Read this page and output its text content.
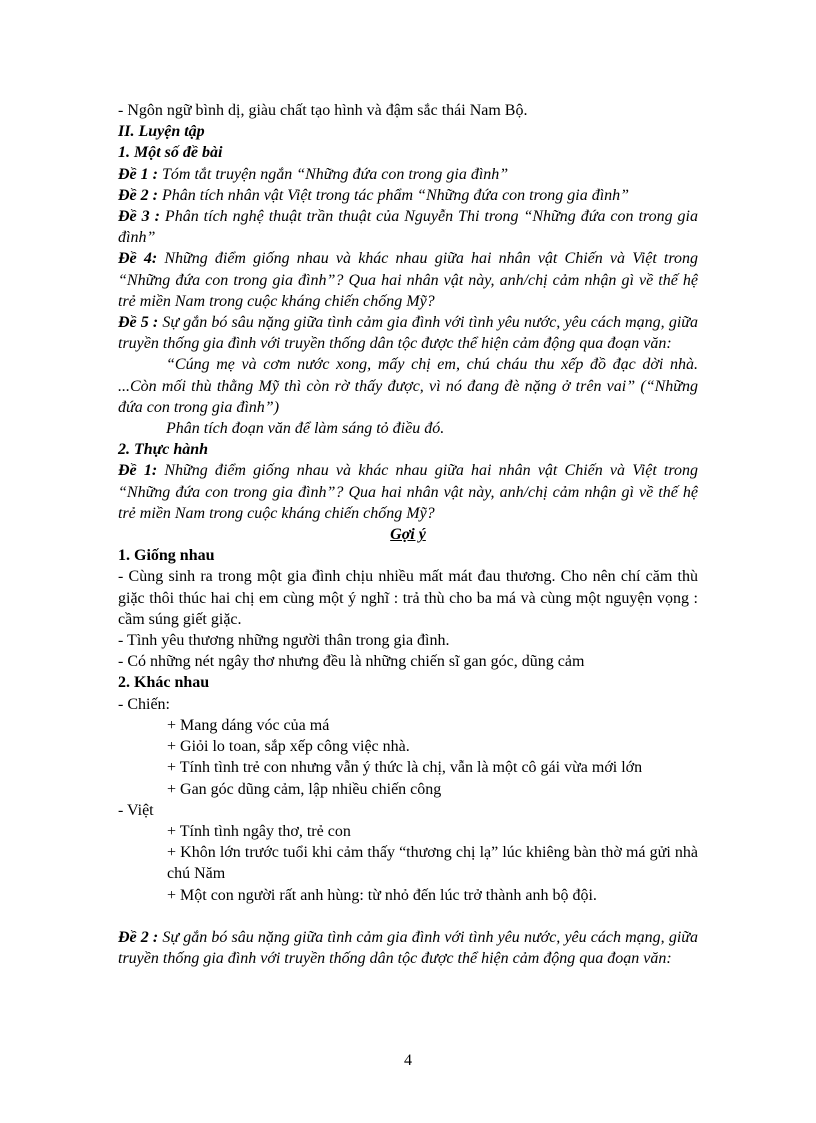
- Ngôn ngữ bình dị, giàu chất tạo hình và đậm sắc thái Nam Bộ.
II. Luyện tập
1. Một số đề bài
Đề 1 : Tóm tắt truyện ngắn “Những đứa con trong gia đình”
Đề 2 : Phân tích nhân vật Việt trong tác phẩm “Những đứa con trong gia đình”
Đề 3 : Phân tích nghệ thuật trần thuật của Nguyễn Thi trong “Những đứa con trong gia đình”
Đề 4: Những điểm giống nhau và khác nhau giữa hai nhân vật Chiến và Việt trong “Những đứa con trong gia đình”? Qua hai nhân vật này, anh/chị cảm nhận gì về thế hệ trẻ miền Nam trong cuộc kháng chiến chống Mỹ?
Đề 5 : Sự gắn bó sâu nặng giữa tình cảm gia đình với tình yêu nước, yêu cách mạng, giữa truyền thống gia đình với truyền thống dân tộc được thể hiện cảm động qua đoạn văn:
“Cúng mẹ và cơm nước xong, mấy chị em, chú cháu thu xếp đồ đạc dời nhà. ...Còn mối thù thằng Mỹ thì còn rờ thấy được, vì nó đang đè nặng ở trên vai” (“Những đứa con trong gia đình”)
Phân tích đoạn văn để làm sáng tỏ điều đó.
2. Thực hành
Đề 1: Những điểm giống nhau và khác nhau giữa hai nhân vật Chiến và Việt trong “Những đứa con trong gia đình”? Qua hai nhân vật này, anh/chị cảm nhận gì về thế hệ trẻ miền Nam trong cuộc kháng chiến chống Mỹ?
Gợi ý
1. Giống nhau
- Cùng sinh ra trong một gia đình chịu nhiều mất mát đau thương. Cho nên chí căm thù giặc thôi thúc hai chị em cùng một ý nghĩ : trả thù cho ba má và cùng một nguyện vọng : cầm súng giết giặc.
- Tình yêu thương những người thân trong gia đình.
- Có những nét ngây thơ nhưng đều là những chiến sĩ gan góc, dũng cảm
2. Khác nhau
- Chiến:
+ Mang dáng vóc của má
+ Giỏi lo toan, sắp xếp công việc nhà.
+ Tính tình trẻ con nhưng vẫn ý thức là chị, vẫn là một cô gái vừa mới lớn
+ Gan góc dũng cảm, lập nhiều chiến công
- Việt
+ Tính tình ngây thơ, trẻ con
+ Khôn lớn trước tuổi khi cảm thấy “thương chị lạ” lúc khiêng bàn thờ má gửi nhà chú Năm
+ Một con người rất anh hùng: từ nhỏ đến lúc trở thành anh bộ đội.
Đề 2 : Sự gắn bó sâu nặng giữa tình cảm gia đình với tình yêu nước, yêu cách mạng, giữa truyền thống gia đình với truyền thống dân tộc được thể hiện cảm động qua đoạn văn:
4
